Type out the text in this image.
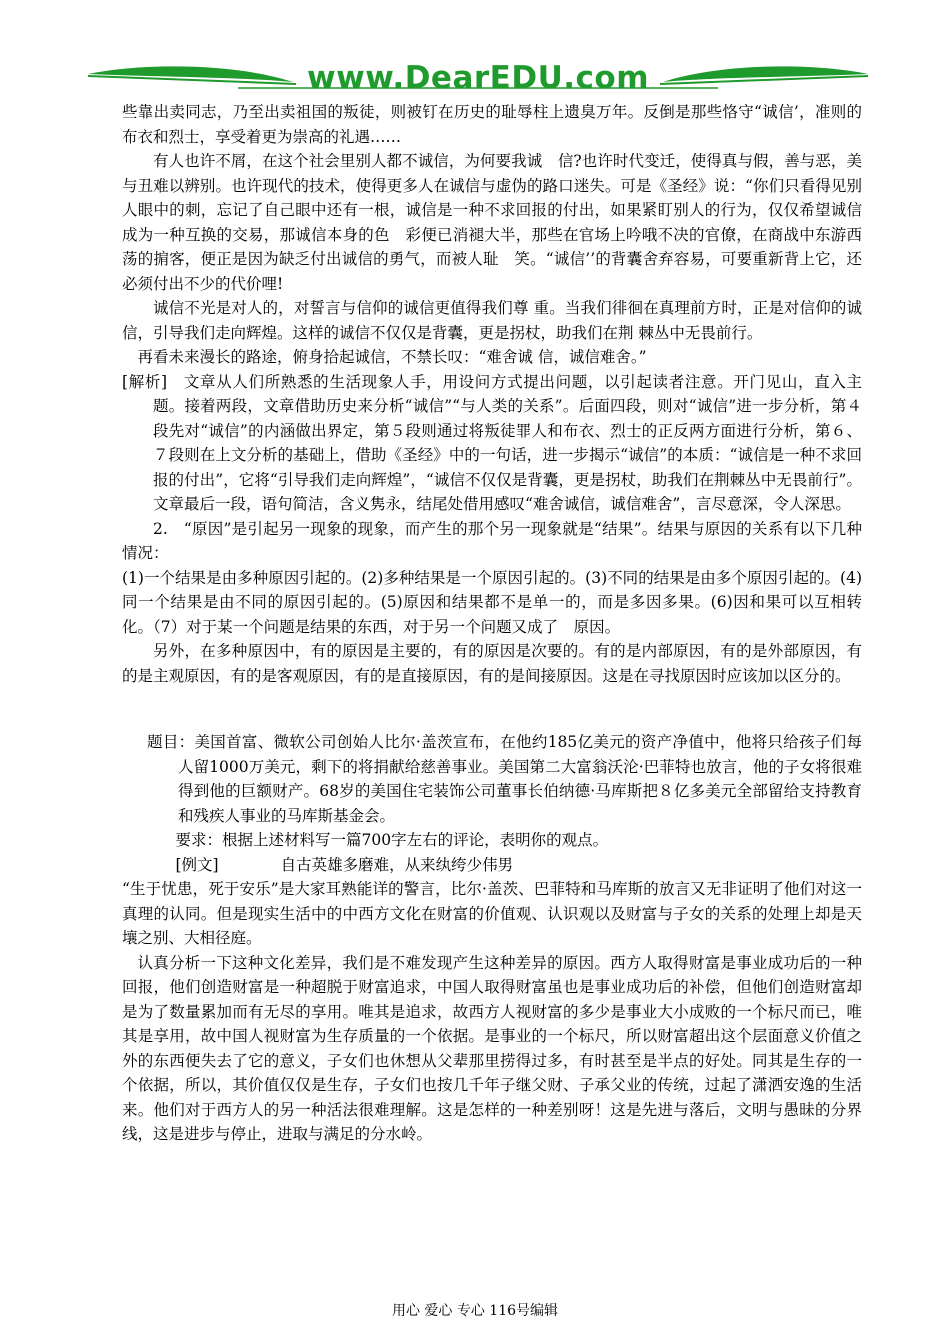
www.DearEDU.com

些靠出卖同志，乃至出卖祖国的叛徒，则被钉在历史的耻辱柱上遗臭万年。反倒是那些恪守“诚信’，准则的布衣和烈士，享受着更为崇高的礼遇……

有人也许不屑，在这个社会里别人都不诚信，为何要我诚　信?也许时代变迁，使得真与假，善与恶，美与丑难以辨别。也许现代的技术，使得更多人在诚信与虚伪的路口迷失。可是《圣经》说：“你们只看得见别人眼中的刺，忘记了自己眼中还有一根，诚信是一种不求回报的付出，如果紧盯别人的行为，仅仅希望诚信成为一种互换的交易，那诚信本身的色　彩便已消褪大半，那些在官场上吟哦不决的官僚，在商战中东游西荡的掮客，便正是因为缺乏付出诚信的勇气，而被人耻　笑。“诚信’’的背囊舍弃容易，可要重新背上它，还必须付出不少的代价哩!

诚信不光是对人的，对誓言与信仰的诚信更值得我们尊 重。当我们徘徊在真理前方时，正是对信仰的诚信，引导我们走向辉煌。这样的诚信不仅仅是背囊，更是拐杖，助我们在荆 棘丛中无畏前行。

再看未来漫长的路途，俯身拾起诚信，不禁长叹：“难舍诚 信，诚信难舍。”

[解析]　文章从人们所熟悉的生活现象人手，用设问方式提出问题，以引起读者注意。开门见山，直入主题。接着两段，文章借助历史来分析“诚信”“与人类的关系”。后面四段，则对“诚信”进一步分析，第４段先对“诚信”的内涵做出界定，第５段则通过将叛徒罪人和布衣、烈士的正反两方面进行分析，第６、７段则在上文分析的基础上，借助《圣经》中的一句话，进一步揭示“诚信”的本质：“诚信是一种不求回报的付出”，它将“引导我们走向辉煌”，“诚信不仅仅是背囊，更是拐杖，助我们在荆棘丛中无畏前行”。文章最后一段，语句简洁，含义隽永，结尾处借用感叹“难舍诚信，诚信难舍”，言尽意深，令人深思。

2.　“原因”是引起另一现象的现象，而产生的那个另一现象就是“结果”。结果与原因的关系有以下几种情况：

(1)一个结果是由多种原因引起的。(2)多种结果是一个原因引起的。(3)不同的结果是由多个原因引起的。(4)　同一个结果是由不同的原因引起的。(5)原因和结果都不是单一的，而是多因多果。(6)因和果可以互相转化。（7）对于某一个问题是结果的东西，对于另一个问题又成了　原因。

另外，在多种原因中，有的原因是主要的，有的原因是次要的。有的是内部原因，有的是外部原因，有的是主观原因，有的是客观原因，有的是直接原因，有的是间接原因。这是在寻找原因时应该加以区分的。

题目：美国首富、微软公司创始人比尔·盖茨宣布，在他约185亿美元的资产净值中，他将只给孩子们每人留1000万美元，剩下的将捐献给慈善事业。美国第二大富翁沃沦·巴菲特也放言，他的子女将很难得到他的巨额财产。68岁的美国住宅装饰公司董事长伯纳德·马库斯把８亿多美元全部留给支持教育和残疾人事业的马库斯基金会。

要求：根据上述材料写一篇700字左右的评论，表明你的观点。

[例文]	自古英雄多磨难，从来纨绔少伟男

“生于忧患，死于安乐”是大家耳熟能详的警言，比尔·盖茨、巴菲特和马库斯的放言又无非证明了他们对这一真理的认同。但是现实生活中的中西方文化在财富的价值观、认识观以及财富与子女的关系的处理上却是天壤之别、大相径庭。

认真分析一下这种文化差异，我们是不难发现产生这种差异的原因。西方人取得财富是事业成功后的一种回报，他们创造财富是一种超脱于财富追求，中国人取得财富虽也是事业成功后的补偿，但他们创造财富却是为了数量累加而有无尽的享用。唯其是追求，故西方人视财富的多少是事业大小成败的一个标尺而已，唯其是享用，故中国人视财富为生存质量的一个依据。是事业的一个标尺，所以财富超出这个层面意义价值之外的东西便失去了它的意义，子女们也休想从父辈那里捞得过多，有时甚至是半点的好处。同其是生存的一个依据，所以，其价值仅仅是生存，子女们也按几千年子继父财、子承父业的传统，过起了潇洒安逸的生活来。他们对于西方人的另一种活法很难理解。这是怎样的一种差别呀！这是先进与落后，文明与愚昧的分界线，这是进步与停止，进取与满足的分水岭。

用心 爱心 专心 116号编辑
